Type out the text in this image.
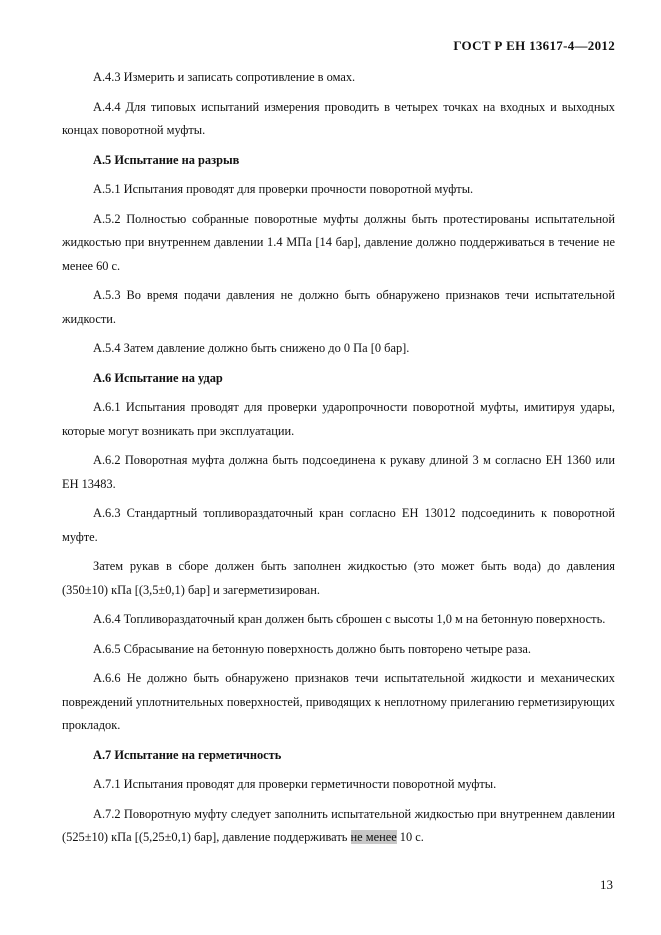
ГОСТ Р ЕН 13617-4—2012

А.4.3 Измерить и записать сопротивление в омах.

А.4.4 Для типовых испытаний измерения проводить в четырех точках на входных и выходных концах поворотной муфты.

А.5 Испытание на разрыв

А.5.1 Испытания проводят для проверки прочности поворотной муфты.

А.5.2 Полностью собранные поворотные муфты должны быть протестированы испытательной жидкостью при внутреннем давлении 1.4 МПа [14 бар], давление должно поддерживаться в течение не менее 60 с.

А.5.3 Во время подачи давления не должно быть обнаружено признаков течи испытательной жидкости.

А.5.4 Затем давление должно быть снижено до 0 Па [0 бар].

А.6 Испытание на удар

А.6.1 Испытания проводят для проверки ударопрочности поворотной муфты, имитируя удары, которые могут возникать при эксплуатации.

А.6.2 Поворотная муфта должна быть подсоединена к рукаву длиной 3 м согласно ЕН 1360 или ЕН 13483.

А.6.3 Стандартный топливораздаточный кран согласно ЕН 13012 подсоединить к поворотной муфте.

Затем рукав в сборе должен быть заполнен жидкостью (это может быть вода) до давления (350±10) кПа [(3,5±0,1) бар] и загерметизирован.

А.6.4 Топливораздаточный кран должен быть сброшен с высоты 1,0 м на бетонную поверхность.

А.6.5 Сбрасывание на бетонную поверхность должно быть повторено четыре раза.

А.6.6 Не должно быть обнаружено признаков течи испытательной жидкости и механических повреждений уплотнительных поверхностей, приводящих к неплотному прилеганию герметизирующих прокладок.

А.7 Испытание на герметичность

А.7.1 Испытания проводят для проверки герметичности поворотной муфты.

А.7.2 Поворотную муфту следует заполнить испытательной жидкостью при внутреннем давлении (525±10) кПа [(5,25±0,1) бар], давление поддерживать не менее 10 с.

13
